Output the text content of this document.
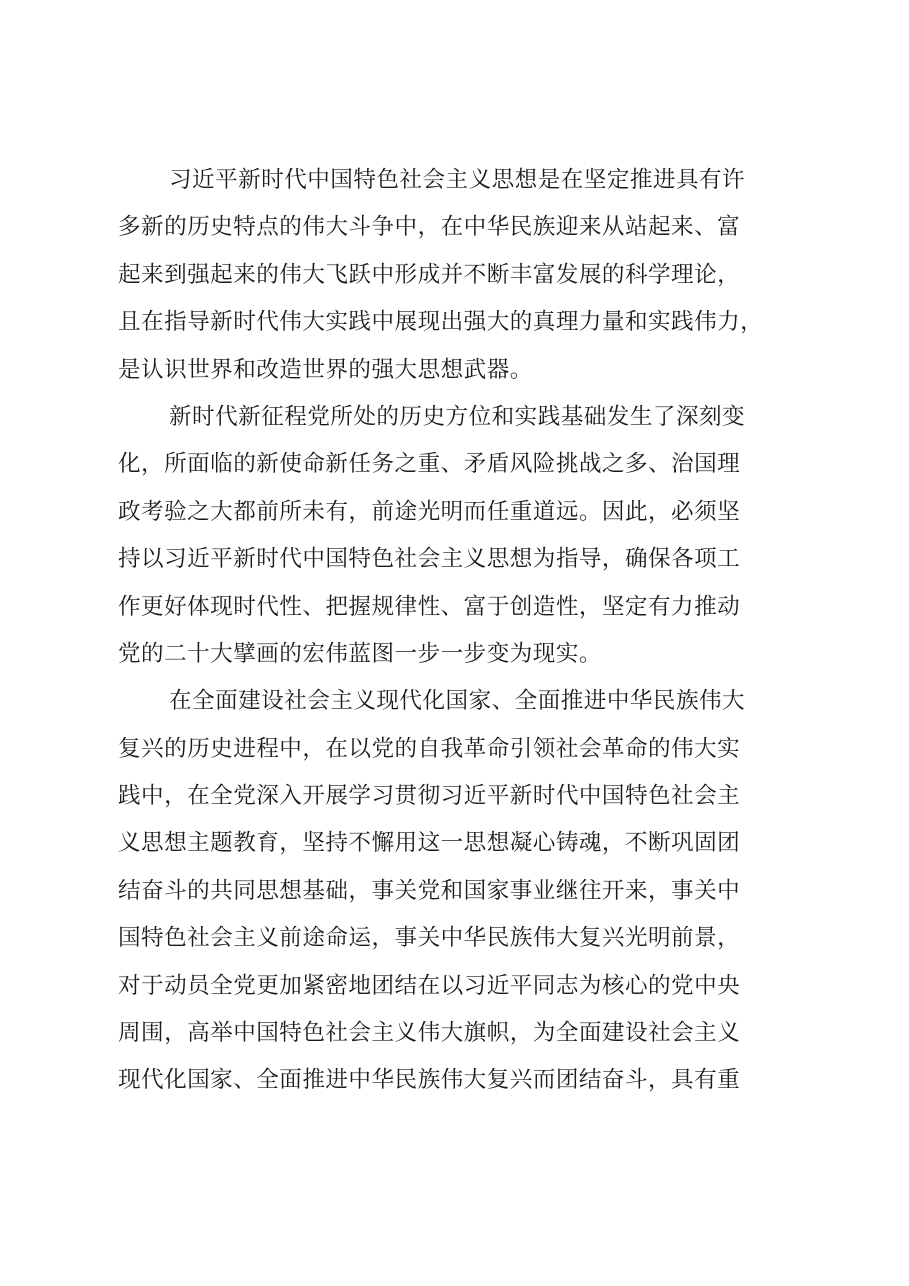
习近平新时代中国特色社会主义思想是在坚定推进具有许
多新的历史特点的伟大斗争中，在中华民族迎来从站起来、富
起来到强起来的伟大飞跃中形成并不断丰富发展的科学理论，
且在指导新时代伟大实践中展现出强大的真理力量和实践伟力，
是认识世界和改造世界的强大思想武器。

新时代新征程党所处的历史方位和实践基础发生了深刻变
化，所面临的新使命新任务之重、矛盾风险挑战之多、治国理
政考验之大都前所未有，前途光明而任重道远。因此，必须坚
持以习近平新时代中国特色社会主义思想为指导，确保各项工
作更好体现时代性、把握规律性、富于创造性，坚定有力推动
党的二十大擘画的宏伟蓝图一步一步变为现实。

在全面建设社会主义现代化国家、全面推进中华民族伟大
复兴的历史进程中，在以党的自我革命引领社会革命的伟大实
践中，在全党深入开展学习贯彻习近平新时代中国特色社会主
义思想主题教育，坚持不懈用这一思想凝心铸魂，不断巩固团
结奋斗的共同思想基础，事关党和国家事业继往开来，事关中
国特色社会主义前途命运，事关中华民族伟大复兴光明前景，
对于动员全党更加紧密地团结在以习近平同志为核心的党中央
周围，高举中国特色社会主义伟大旗帜，为全面建设社会主义
现代化国家、全面推进中华民族伟大复兴而团结奋斗，具有重
